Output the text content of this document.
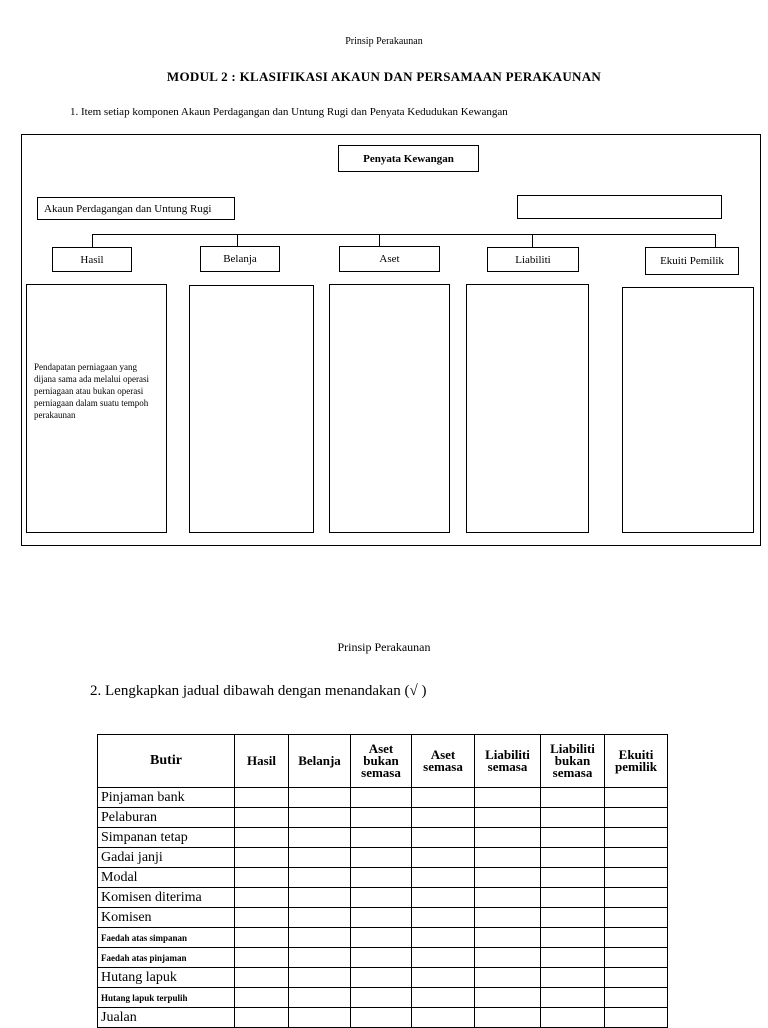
Prinsip Perakaunan
MODUL 2 : KLASIFIKASI AKAUN DAN PERSAMAAN PERAKAUNAN
1. Item setiap komponen Akaun Perdagangan dan Untung Rugi dan Penyata Kedudukan Kewangan
Penyata Kewangan
Akaun Perdagangan dan Untung Rugi
Hasil	Belanja	Aset	Liabiliti	Ekuiti Pemilik
Pendapatan perniagaan yang dijana sama ada melalui operasi perniagaan atau bukan operasi perniagaan dalam suatu tempoh perakaunan
Prinsip Perakaunan
2. Lengkapkan jadual dibawah dengan menandakan (√ )
Butir	Hasil	Belanja	Aset bukan semasa	Aset semasa	Liabiliti semasa	Liabiliti bukan semasa	Ekuiti pemilik
Pinjaman bank							
Pelaburan							
Simpanan tetap							
Gadai janji							
Modal							
Komisen diterima							
Komisen							
Faedah atas simpanan							
Faedah atas pinjaman							
Hutang lapuk							
Hutang lapuk terpulih							
Jualan							
